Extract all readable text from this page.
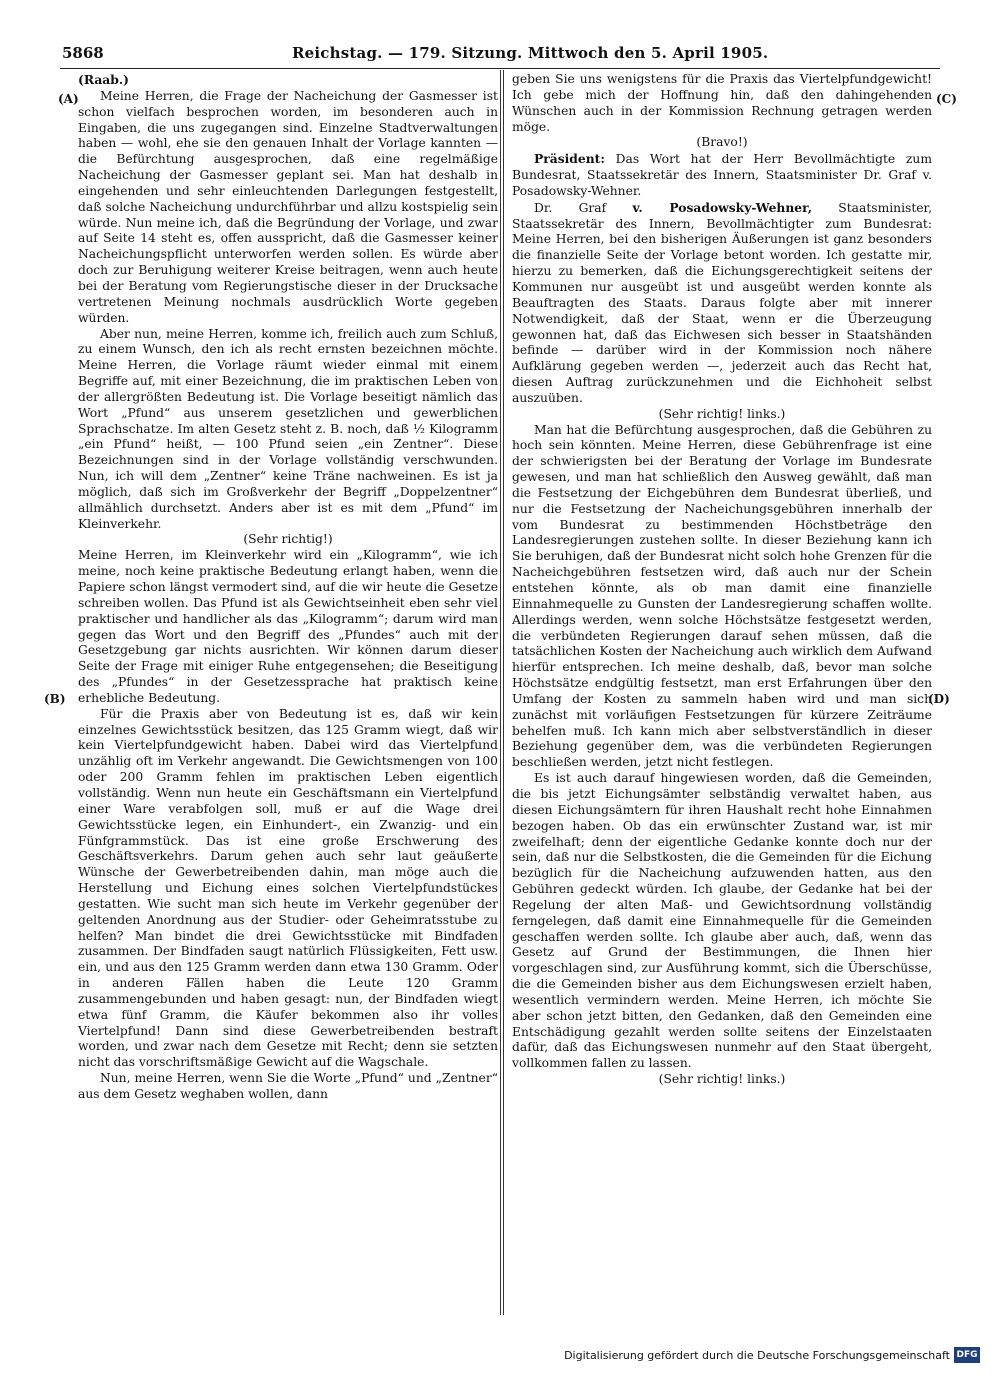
5868	Reichstag. — 179. Sitzung. Mittwoch den 5. April 1905.
(A)
(B)
(C)
(D)

(Raab.)

Meine Herren, die Frage der Nacheichung der Gasmesser ist schon vielfach besprochen worden, im besonderen auch in Eingaben, die uns zugegangen sind. Einzelne Stadtverwaltungen haben — wohl, ehe sie den genauen Inhalt der Vorlage kannten — die Befürchtung ausgesprochen, daß eine regelmäßige Nacheichung der Gasmesser geplant sei. Man hat deshalb in eingehenden und sehr einleuchtenden Darlegungen festgestellt, daß solche Nacheichung undurchführbar und allzu kostspielig sein würde. Nun meine ich, daß die Begründung der Vorlage, und zwar auf Seite 14 steht es, offen ausspricht, daß die Gasmesser keiner Nacheichungspflicht unterworfen werden sollen. Es würde aber doch zur Beruhigung weiterer Kreise beitragen, wenn auch heute bei der Beratung vom Regierungstische dieser in der Drucksache vertretenen Meinung nochmals ausdrücklich Worte gegeben würden.

Aber nun, meine Herren, komme ich, freilich auch zum Schluß, zu einem Wunsch, den ich als recht ernsten bezeichnen möchte. Meine Herren, die Vorlage räumt wieder einmal mit einem Begriffe auf, mit einer Bezeichnung, die im praktischen Leben von der allergrößten Bedeutung ist. Die Vorlage beseitigt nämlich das Wort „Pfund“ aus unserem gesetzlichen und gewerblichen Sprachschatze. Im alten Gesetz steht z. B. noch, daß ½ Kilogramm „ein Pfund“ heißt, — 100 Pfund seien „ein Zentner“. Diese Bezeichnungen sind in der Vorlage vollständig verschwunden. Nun, ich will dem „Zentner“ keine Träne nachweinen. Es ist ja möglich, daß sich im Großverkehr der Begriff „Doppelzentner“ allmählich durchsetzt. Anders aber ist es mit dem „Pfund“ im Kleinverkehr.

(Sehr richtig!)

Meine Herren, im Kleinverkehr wird ein „Kilogramm“, wie ich meine, noch keine praktische Bedeutung erlangt haben, wenn die Papiere schon längst vermodert sind, auf die wir heute die Gesetze schreiben wollen. Das Pfund ist als Gewichtseinheit eben sehr viel praktischer und handlicher als das „Kilogramm“; darum wird man gegen das Wort und den Begriff des „Pfundes“ auch mit der Gesetzgebung gar nichts ausrichten. Wir können darum dieser Seite der Frage mit einiger Ruhe entgegensehen; die Beseitigung des „Pfundes“ in der Gesetzessprache hat praktisch keine erhebliche Bedeutung.

Für die Praxis aber von Bedeutung ist es, daß wir kein einzelnes Gewichtsstück besitzen, das 125 Gramm wiegt, daß wir kein Viertelpfundgewicht haben. Dabei wird das Viertelpfund unzählig oft im Verkehr angewandt. Die Gewichtsmengen von 100 oder 200 Gramm fehlen im praktischen Leben eigentlich vollständig. Wenn nun heute ein Geschäftsmann ein Viertelpfund einer Ware verabfolgen soll, muß er auf die Wage drei Gewichtsstücke legen, ein Einhundert-, ein Zwanzig- und ein Fünfgrammstück. Das ist eine große Erschwerung des Geschäftsverkehrs. Darum gehen auch sehr laut geäußerte Wünsche der Gewerbetreibenden dahin, man möge auch die Herstellung und Eichung eines solchen Viertelpfundstückes gestatten. Wie sucht man sich heute im Verkehr gegenüber der geltenden Anordnung aus der Studier- oder Geheimratsstube zu helfen? Man bindet die drei Gewichtsstücke mit Bindfaden zusammen. Der Bindfaden saugt natürlich Flüssigkeiten, Fett usw. ein, und aus den 125 Gramm werden dann etwa 130 Gramm. Oder in anderen Fällen haben die Leute 120 Gramm zusammengebunden und haben gesagt: nun, der Bindfaden wiegt etwa fünf Gramm, die Käufer bekommen also ihr volles Viertelpfund! Dann sind diese Gewerbetreibenden bestraft worden, und zwar nach dem Gesetze mit Recht; denn sie setzten nicht das vorschriftsmäßige Gewicht auf die Wagschale.

Nun, meine Herren, wenn Sie die Worte „Pfund“ und „Zentner“ aus dem Gesetz weghaben wollen, dann

geben Sie uns wenigstens für die Praxis das Viertelpfundgewicht! Ich gebe mich der Hoffnung hin, daß den dahingehenden Wünschen auch in der Kommission Rechnung getragen werden möge.

(Bravo!)

Präsident: Das Wort hat der Herr Bevollmächtigte zum Bundesrat, Staatssekretär des Innern, Staatsminister Dr. Graf v. Posadowsky-Wehner.

Dr. Graf v. Posadowsky-Wehner, Staatsminister, Staatssekretär des Innern, Bevollmächtigter zum Bundesrat: Meine Herren, bei den bisherigen Äußerungen ist ganz besonders die finanzielle Seite der Vorlage betont worden. Ich gestatte mir, hierzu zu bemerken, daß die Eichungsgerechtigkeit seitens der Kommunen nur ausgeübt ist und ausgeübt werden konnte als Beauftragten des Staats. Daraus folgte aber mit innerer Notwendigkeit, daß der Staat, wenn er die Überzeugung gewonnen hat, daß das Eichwesen sich besser in Staatshänden befinde — darüber wird in der Kommission noch nähere Aufklärung gegeben werden —, jederzeit auch das Recht hat, diesen Auftrag zurückzunehmen und die Eichhoheit selbst auszuüben.

(Sehr richtig! links.)

Man hat die Befürchtung ausgesprochen, daß die Gebühren zu hoch sein könnten. Meine Herren, diese Gebührenfrage ist eine der schwierigsten bei der Beratung der Vorlage im Bundesrate gewesen, und man hat schließlich den Ausweg gewählt, daß man die Festsetzung der Eichgebühren dem Bundesrat überließ, und nur die Festsetzung der Nacheichungsgebühren innerhalb der vom Bundesrat zu bestimmenden Höchstbeträge den Landesregierungen zustehen sollte. In dieser Beziehung kann ich Sie beruhigen, daß der Bundesrat nicht solch hohe Grenzen für die Nacheichgebühren festsetzen wird, daß auch nur der Schein entstehen könnte, als ob man damit eine finanzielle Einnahmequelle zu Gunsten der Landesregierung schaffen wollte. Allerdings werden, wenn solche Höchstsätze festgesetzt werden, die verbündeten Regierungen darauf sehen müssen, daß die tatsächlichen Kosten der Nacheichung auch wirklich dem Aufwand hierfür entsprechen. Ich meine deshalb, daß, bevor man solche Höchstsätze endgültig festsetzt, man erst Erfahrungen über den Umfang der Kosten zu sammeln haben wird und man sich zunächst mit vorläufigen Festsetzungen für kürzere Zeiträume behelfen muß. Ich kann mich aber selbstverständlich in dieser Beziehung gegenüber dem, was die verbündeten Regierungen beschließen werden, jetzt nicht festlegen.

Es ist auch darauf hingewiesen worden, daß die Gemeinden, die bis jetzt Eichungsämter selbständig verwaltet haben, aus diesen Eichungsämtern für ihren Haushalt recht hohe Einnahmen bezogen haben. Ob das ein erwünschter Zustand war, ist mir zweifelhaft; denn der eigentliche Gedanke konnte doch nur der sein, daß nur die Selbstkosten, die die Gemeinden für die Eichung bezüglich für die Nacheichung aufzuwenden hatten, aus den Gebühren gedeckt würden. Ich glaube, der Gedanke hat bei der Regelung der alten Maß- und Gewichtsordnung vollständig ferngelegen, daß damit eine Einnahmequelle für die Gemeinden geschaffen werden sollte. Ich glaube aber auch, daß, wenn das Gesetz auf Grund der Bestimmungen, die Ihnen hier vorgeschlagen sind, zur Ausführung kommt, sich die Überschüsse, die die Gemeinden bisher aus dem Eichungswesen erzielt haben, wesentlich vermindern werden. Meine Herren, ich möchte Sie aber schon jetzt bitten, den Gedanken, daß den Gemeinden eine Entschädigung gezahlt werden sollte seitens der Einzelstaaten dafür, daß das Eichungswesen nunmehr auf den Staat übergeht, vollkommen fallen zu lassen.

(Sehr richtig! links.)

Digitalisierung gefördert durch die Deutsche Forschungsgemeinschaft DFG
